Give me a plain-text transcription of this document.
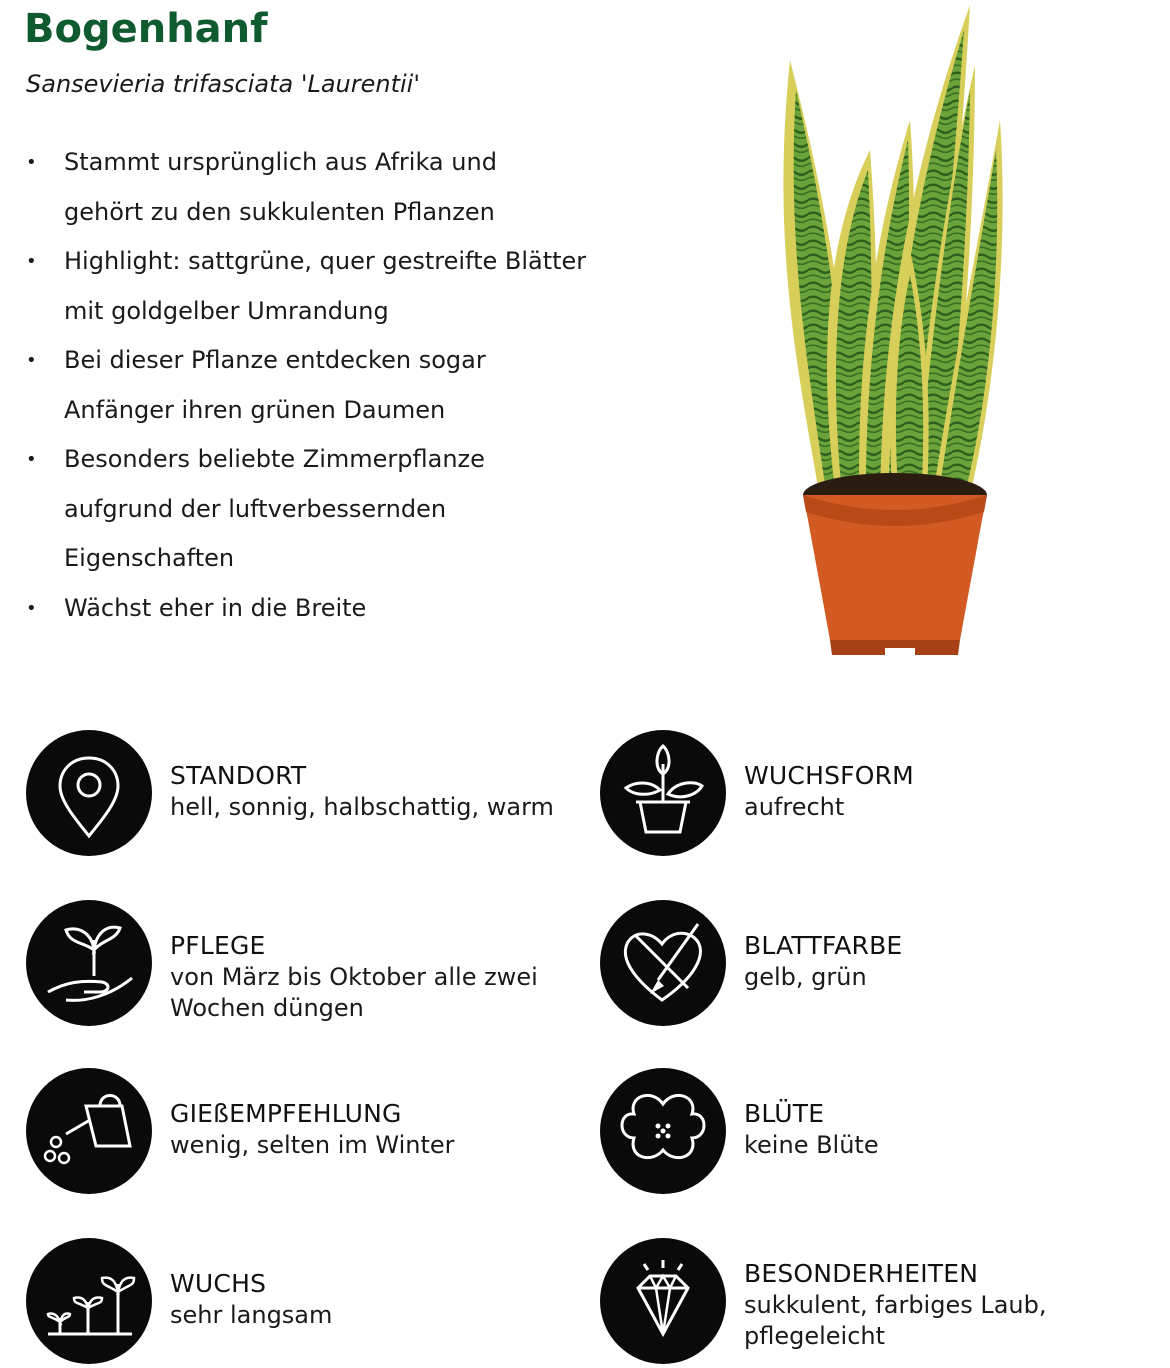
Bogenhanf
Sansevieria trifasciata 'Laurentii'
• Stammt ursprünglich aus Afrika und
gehört zu den sukkulenten Pflanzen
• Highlight: sattgrüne, quer gestreifte Blätter
mit goldgelber Umrandung
• Bei dieser Pflanze entdecken sogar
Anfänger ihren grünen Daumen
• Besonders beliebte Zimmerpflanze
aufgrund der luftverbessernden
Eigenschaften
• Wächst eher in die Breite
STANDORT
hell, sonnig, halbschattig, warm
WUCHSFORM
aufrecht
PFLEGE
von März bis Oktober alle zwei
Wochen düngen
BLATTFARBE
gelb, grün
GIEßEMPFEHLUNG
wenig, selten im Winter
BLÜTE
keine Blüte
WUCHS
sehr langsam
BESONDERHEITEN
sukkulent, farbiges Laub,
pflegeleicht
